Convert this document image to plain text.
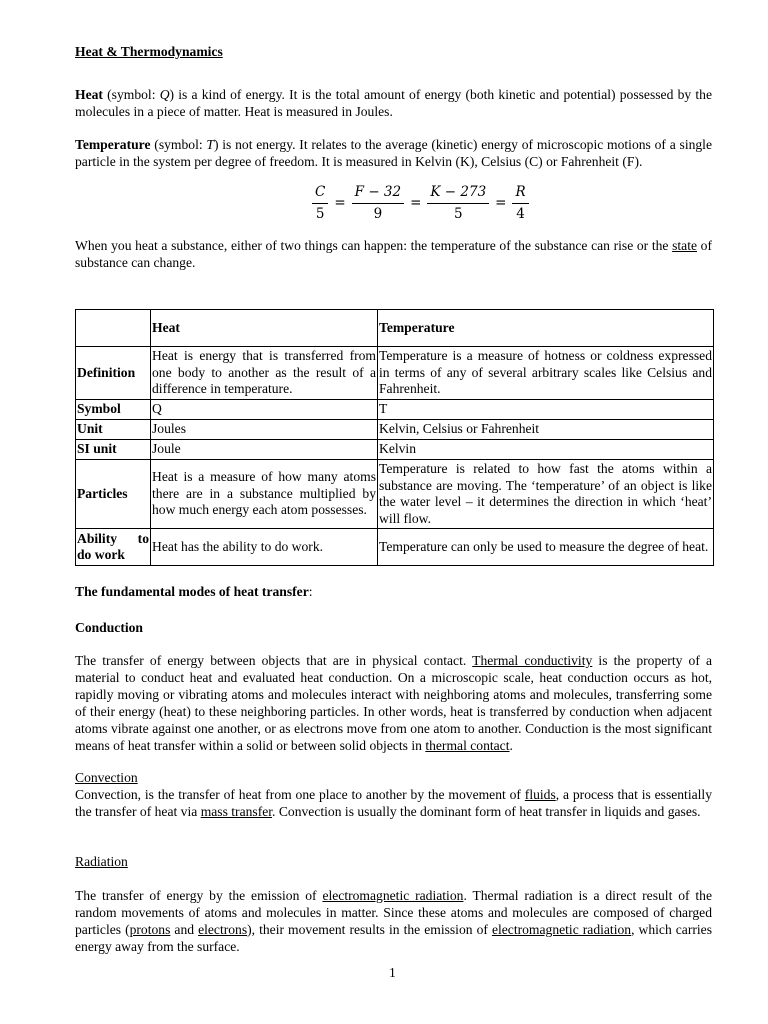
Heat & Thermodynamics

Heat (symbol: Q) is a kind of energy. It is the total amount of energy (both kinetic and potential) possessed by the molecules in a piece of matter. Heat is measured in Joules.

Temperature (symbol: T) is not energy. It relates to the average (kinetic) energy of microscopic motions of a single particle in the system per degree of freedom. It is measured in Kelvin (K), Celsius (C) or Fahrenheit (F).

$\frac{C}{5} = \frac{F - 32}{9} = \frac{K - 273}{5} = \frac{R}{4}$

When you heat a substance, either of two things can happen: the temperature of the substance can rise or the state of substance can change.

	Heat	Temperature
Definition	Heat is energy that is transferred from one body to another as the result of a difference in temperature.	Temperature is a measure of hotness or coldness expressed in terms of any of several arbitrary scales like Celsius and Fahrenheit.
Symbol	Q	T
Unit	Joules	Kelvin, Celsius or Fahrenheit
SI unit	Joule	Kelvin
Particles	Heat is a measure of how many atoms there are in a substance multiplied by how much energy each atom possesses.	Temperature is related to how fast the atoms within a substance are moving. The ‘temperature’ of an object is like the water level – it determines the direction in which ‘heat’ will flow.
Ability to do work	Heat has the ability to do work.	Temperature can only be used to measure the degree of heat.

The fundamental modes of heat transfer:

Conduction

The transfer of energy between objects that are in physical contact. Thermal conductivity is the property of a material to conduct heat and evaluated heat conduction. On a microscopic scale, heat conduction occurs as hot, rapidly moving or vibrating atoms and molecules interact with neighboring atoms and molecules, transferring some of their energy (heat) to these neighboring particles. In other words, heat is transferred by conduction when adjacent atoms vibrate against one another, or as electrons move from one atom to another. Conduction is the most significant means of heat transfer within a solid or between solid objects in thermal contact.

Convection

Convection, is the transfer of heat from one place to another by the movement of fluids, a process that is essentially the transfer of heat via mass transfer. Convection is usually the dominant form of heat transfer in liquids and gases.

Radiation

The transfer of energy by the emission of electromagnetic radiation. Thermal radiation is a direct result of the random movements of atoms and molecules in matter. Since these atoms and molecules are composed of charged particles (protons and electrons), their movement results in the emission of electromagnetic radiation, which carries energy away from the surface.

1
